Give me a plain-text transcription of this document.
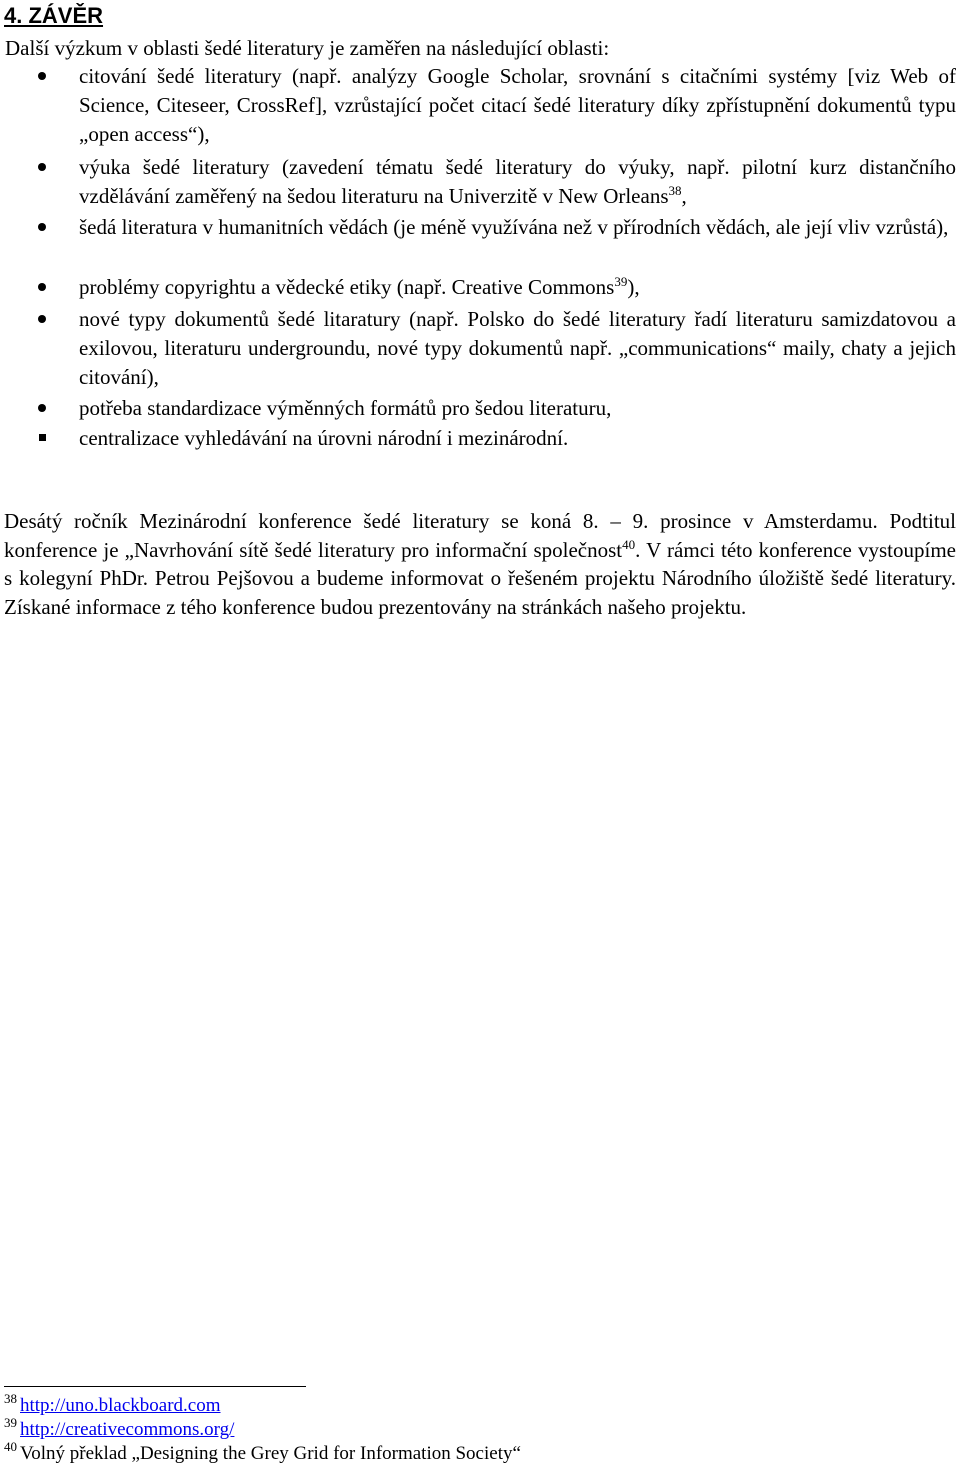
4. ZÁVĚR
Další výzkum v oblasti šedé literatury je zaměřen na následující oblasti:
citování šedé literatury (např. analýzy Google Scholar, srovnání s citačními systémy [viz Web of Science, Citeseer, CrossRef], vzrůstající počet citací šedé literatury díky zpřístupnění dokumentů typu „open access“),
výuka šedé literatury (zavedení tématu šedé literatury do výuky, např. pilotní kurz distančního vzdělávání zaměřený na šedou literaturu na Univerzitě v New Orleans$^{38}$,
šedá literatura v humanitních vědách (je méně využívána než v přírodních vědách, ale její vliv vzrůstá),
problémy copyrightu a vědecké etiky (např. Creative Commons$^{39}$),
nové typy dokumentů šedé litaratury (např. Polsko do šedé literatury řadí literaturu samizdatovou a exilovou, literaturu undergroundu, nové typy dokumentů např. „communications“ maily, chaty a jejich citování),
potřeba standardizace výměnných formátů pro šedou literaturu,
centralizace vyhledávání na úrovni národní i mezinárodní.
Desátý ročník Mezinárodní konference šedé literatury se koná 8. – 9. prosince v Amsterdamu. Podtitul konference je „Navrhování sítě šedé literatury pro informační společnost$^{40}$. V rámci této konference vystoupíme s kolegyní PhDr. Petrou Pejšovou a budeme informovat o řešeném projektu Národního úložiště šedé literatury. Získané informace z tého konference budou prezentovány na stránkách našeho projektu.
$^{38}$ http://uno.blackboard.com
$^{39}$ http://creativecommons.org/
$^{40}$ Volný překlad „Designing the Grey Grid for Information Society“
